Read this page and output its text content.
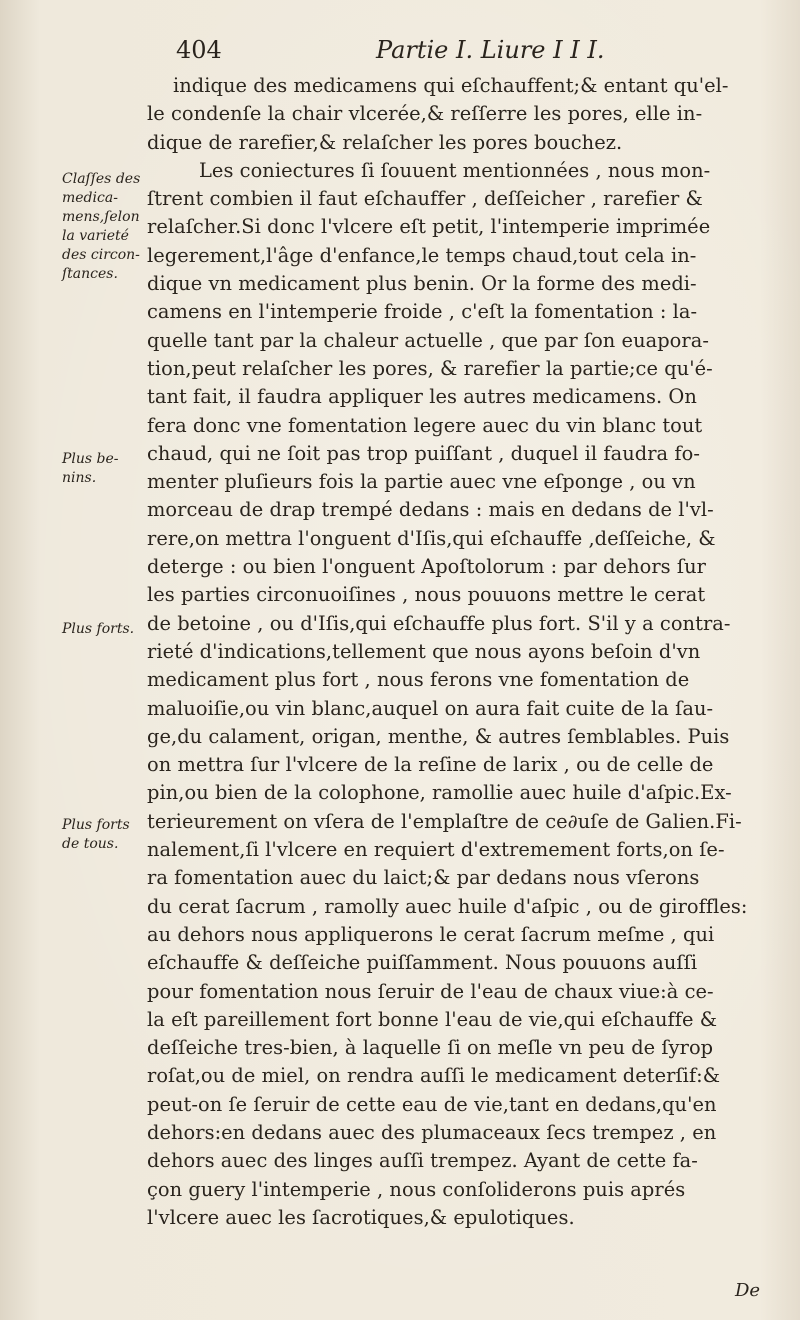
404	Partie I. Liure I I I.
Claſſes des
medica-
mens,ſelon
la varieté
des circon-
ſtances.
Plus be-
nins.
Plus forts.
Plus forts
de tous.
indique des medicamens qui eſchauffent;& entant qu'el-
le condenſe la chair vlcerée,& reſſerre les pores, elle in-
dique de rarefier,& relaſcher les pores bouchez.
Les coniectures ſi ſouuent mentionnées , nous mon-
ſtrent combien il faut eſchauffer , deſſeicher , rarefier &
relaſcher.Si donc l'vlcere eſt petit, l'intemperie imprimée
legerement,l'âge d'enfance,le temps chaud,tout cela in-
dique vn medicament plus benin. Or la forme des medi-
camens en l'intemperie froide , c'eſt la fomentation : la-
quelle tant par la chaleur actuelle , que par ſon euapora-
tion,peut relaſcher les pores, & rarefier la partie;ce qu'é-
tant fait, il faudra appliquer les autres medicamens. On
fera donc vne fomentation legere auec du vin blanc tout
chaud, qui ne ſoit pas trop puiſſant , duquel il faudra fo-
menter pluſieurs fois la partie auec vne eſponge , ou vn
morceau de drap trempé dedans : mais en dedans de l'vl-
rere,on mettra l'onguent d'Iſis,qui eſchauffe ,deſſeiche, &
deterge : ou bien l'onguent Apoſtolorum : par dehors ſur
les parties circonuoiſines , nous pouuons mettre le cerat
de betoine , ou d'Iſis,qui eſchauffe plus fort. S'il y a contra-
rieté d'indications,tellement que nous ayons beſoin d'vn
medicament plus fort , nous ferons vne fomentation de
maluoiſie,ou vin blanc,auquel on aura fait cuite de la ſau-
ge,du calament, origan, menthe, & autres ſemblables. Puis
on mettra ſur l'vlcere de la reſine de larix , ou de celle de
pin,ou bien de la colophone, ramollie auec huile d'aſpic.Ex-
terieurement on vſera de l'emplaſtre de ce∂uſe de Galien.Fi-
nalement,ſi l'vlcere en requiert d'extremement forts,on ſe-
ra fomentation auec du laict;& par dedans nous vſerons
du cerat ſacrum , ramolly auec huile d'aſpic , ou de giroffles:
au dehors nous appliquerons le cerat ſacrum meſme , qui
eſchauffe & deſſeiche puiſſamment. Nous pouuons auſſi
pour fomentation nous ſeruir de l'eau de chaux viue:à ce-
la eſt pareillement fort bonne l'eau de vie,qui eſchauffe &
deſſeiche tres-bien, à laquelle ſi on meſle vn peu de ſyrop
roſat,ou de miel, on rendra auſſi le medicament deterſif:&
peut-on ſe ſeruir de cette eau de vie,tant en dedans,qu'en
dehors:en dedans auec des plumaceaux ſecs trempez , en
dehors auec des linges auſſi trempez. Ayant de cette fa-
çon guery l'intemperie , nous conſoliderons puis aprés
l'vlcere auec les ſacrotiques,& epulotiques.
De
